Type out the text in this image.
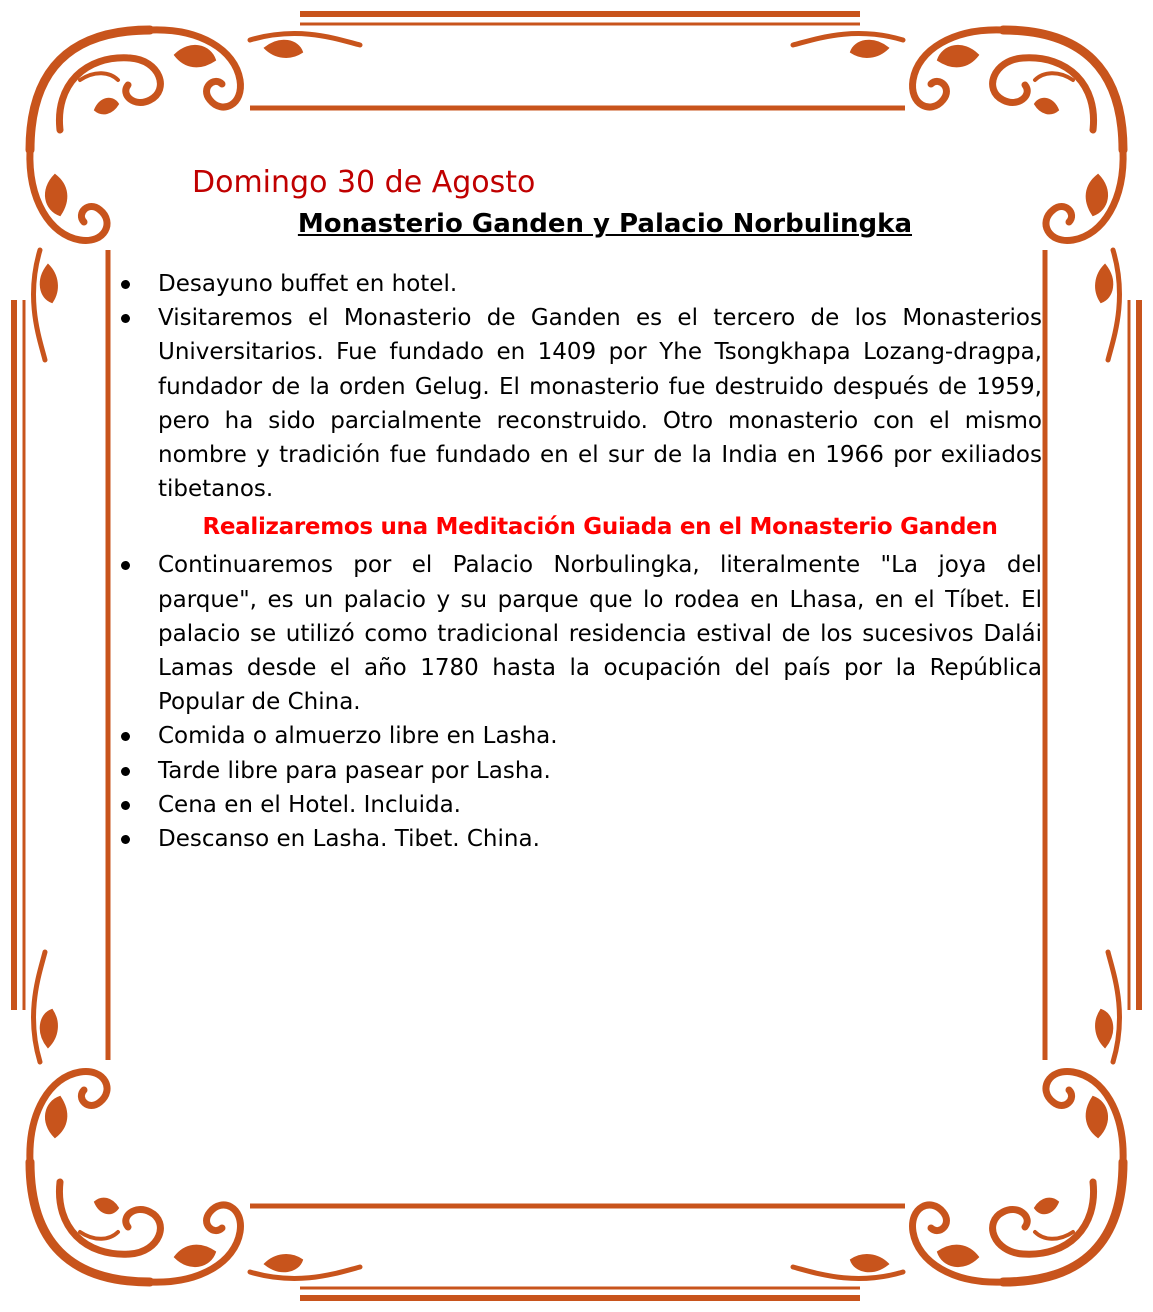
Domingo 30 de Agosto
Monasterio Ganden y Palacio Norbulingka
Desayuno buffet en hotel.
Visitaremos el Monasterio de Ganden es el tercero de los Monasterios Universitarios. Fue fundado en 1409 por Yhe Tsongkhapa Lozang-dragpa, fundador de la orden Gelug. El monasterio fue destruido después de 1959, pero ha sido parcialmente reconstruido. Otro monasterio con el mismo nombre y tradición fue fundado en el sur de la India en 1966 por exiliados tibetanos.

Realizaremos una Meditación Guiada en el Monasterio Ganden

Continuaremos por el Palacio Norbulingka, literalmente "La joya del parque", es un palacio y su parque que lo rodea en Lhasa, en el Tíbet. El palacio se utilizó como tradicional residencia estival de los sucesivos Dalái Lamas desde el año 1780 hasta la ocupación del país por la República Popular de China.
Comida o almuerzo libre en Lasha.
Tarde libre para pasear por Lasha.
Cena en el Hotel. Incluida.
Descanso en Lasha. Tibet. China.
